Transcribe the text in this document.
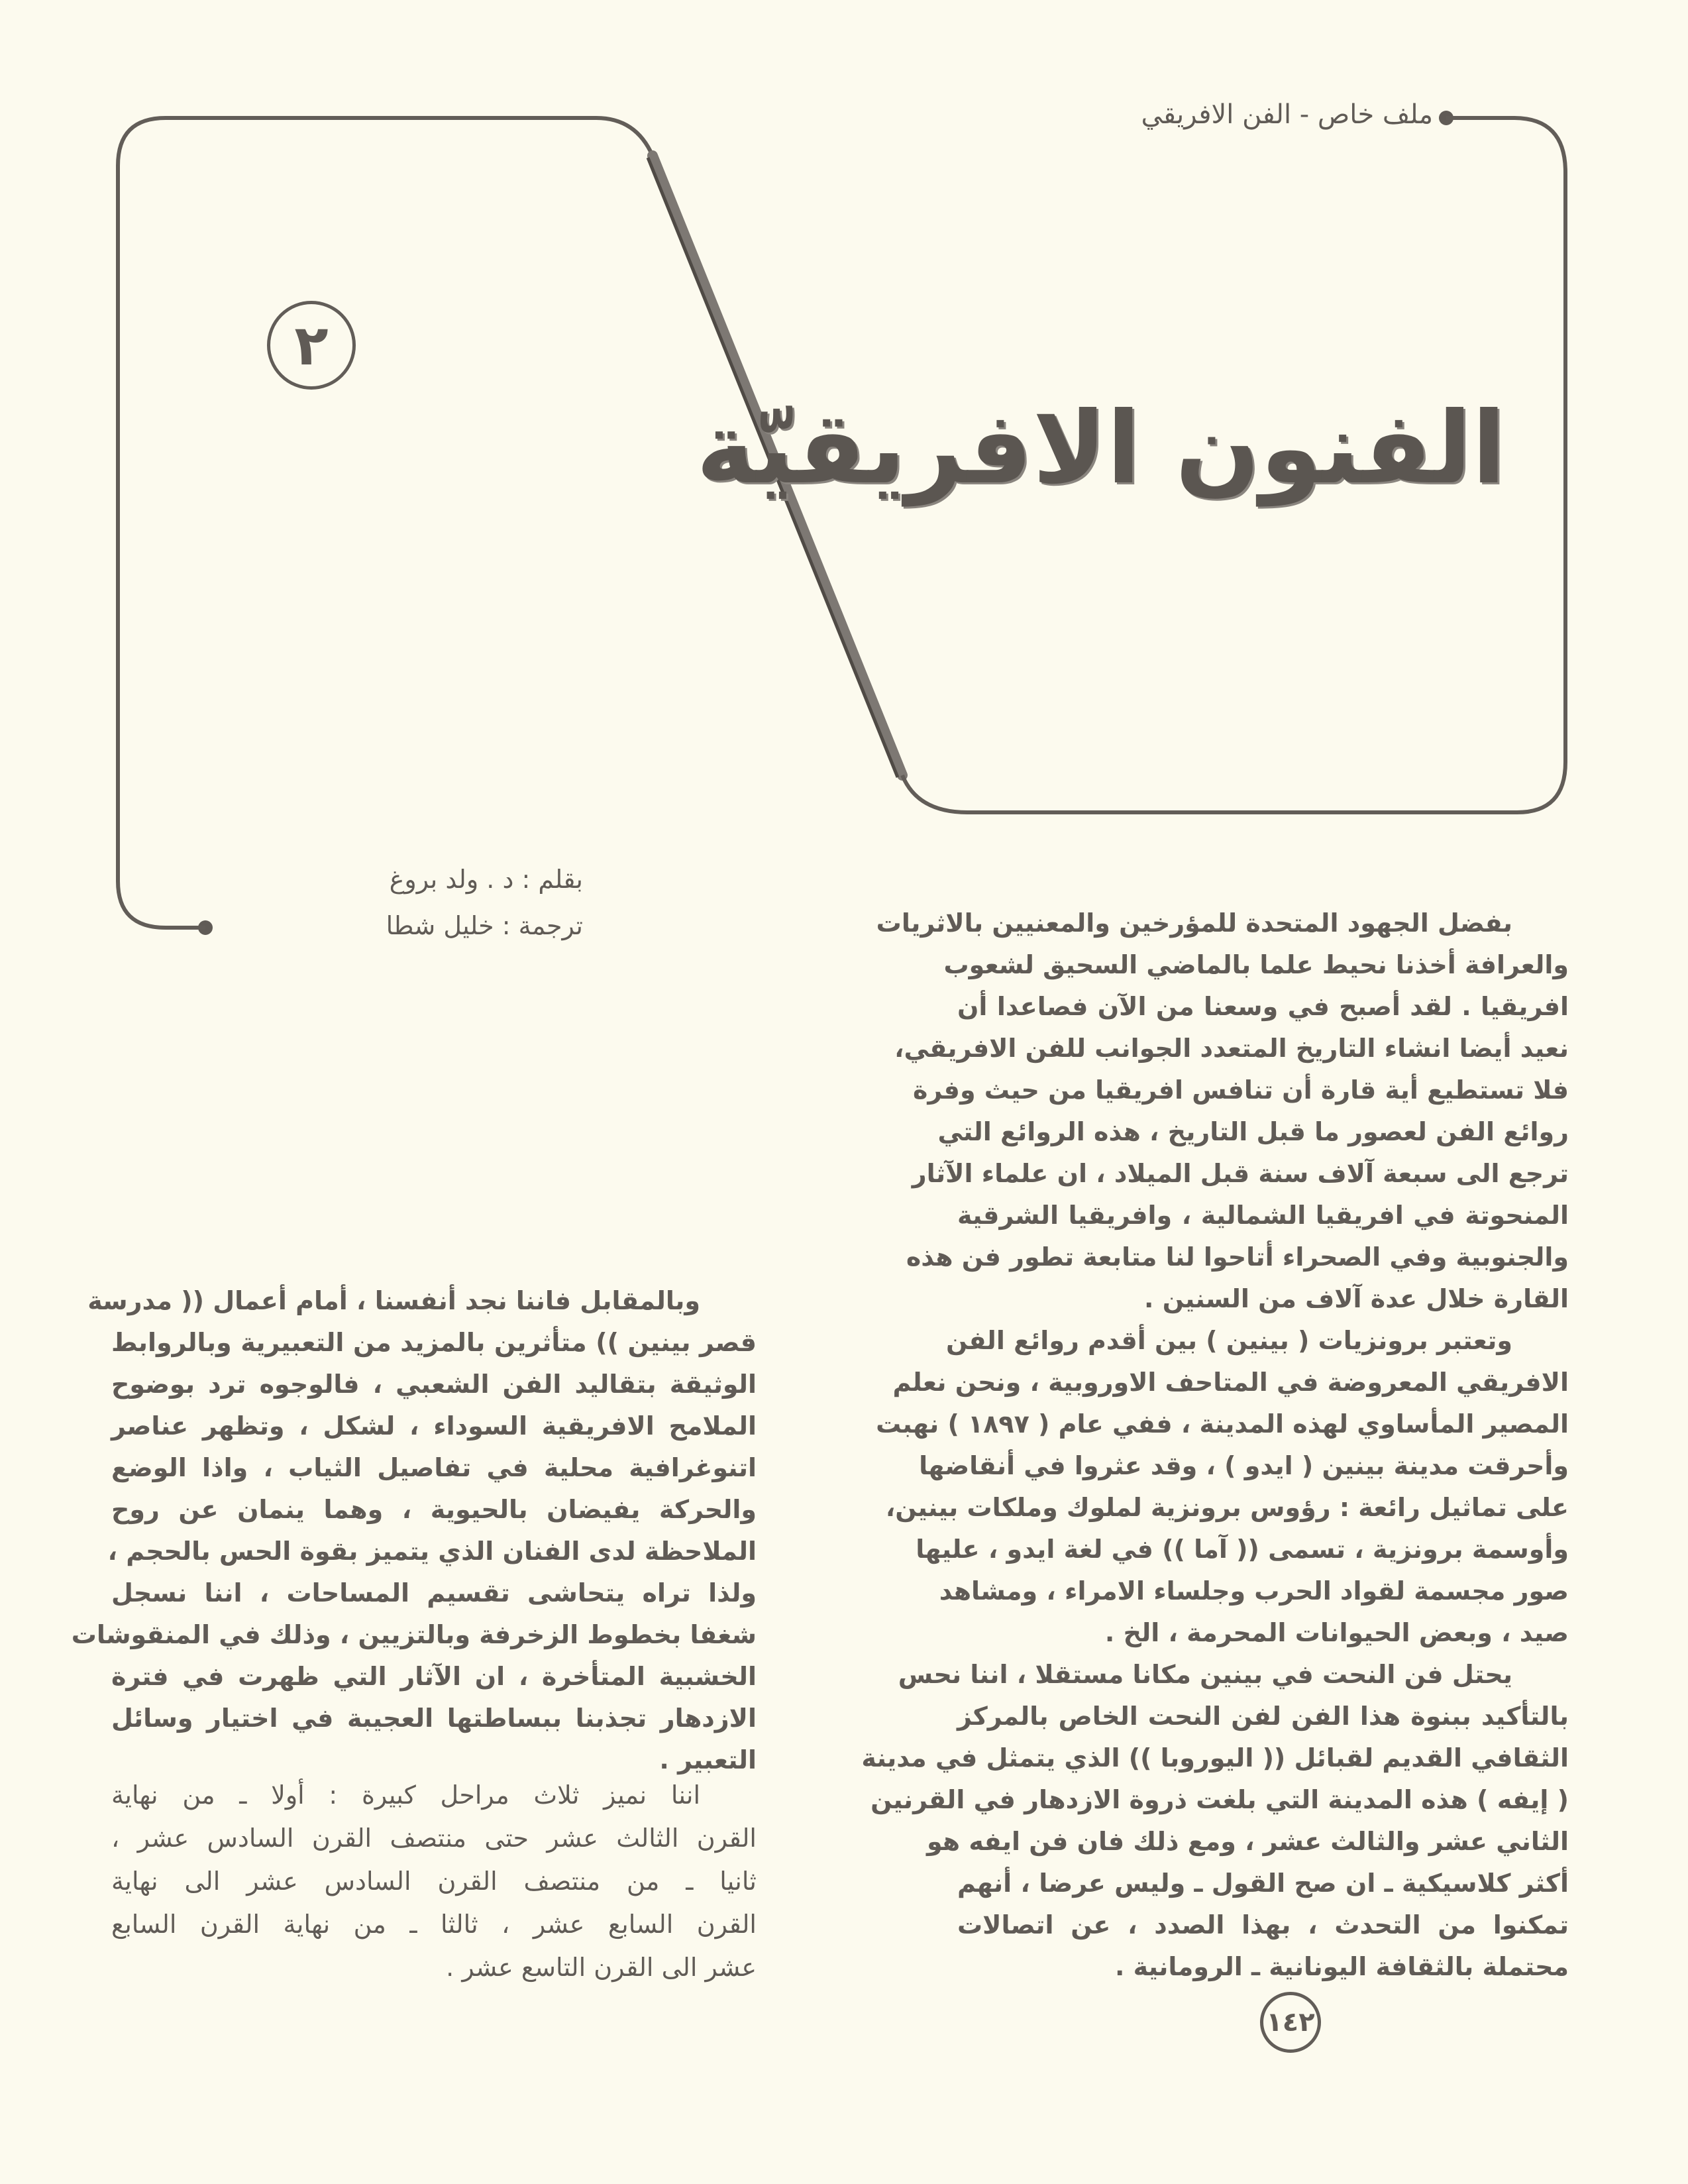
ملف خاص - الفن الافريقي
٢
الفنون الافريقيّة
بقلم : د . ولد بروغ
ترجمة : خليل شطا	بفضل الجهود المتحدة للمؤرخين والمعنيين بالاثريات
والعرافة أخذنا نحيط علما بالماضي السحيق لشعوب
افريقيا . لقد أصبح في وسعنا من الآن فصاعدا أن
نعيد أيضا انشاء التاريخ المتعدد الجوانب للفن الافريقي،
فلا تستطيع أية قارة أن تنافس افريقيا من حيث وفرة
روائع الفن لعصور ما قبل التاريخ ، هذه الروائع التي
ترجع الى سبعة آلاف سنة قبل الميلاد ، ان علماء الآثار
المنحوتة في افريقيا الشمالية ، وافريقيا الشرقية
والجنوبية وفي الصحراء أتاحوا لنا متابعة تطور فن هذه
القارة خلال عدة آلاف من السنين .
وتعتبر برونزيات ( بينين ) بين أقدم روائع الفن
الافريقي المعروضة في المتاحف الاوروبية ، ونحن نعلم
المصير المأساوي لهذه المدينة ، ففي عام ( ١٨٩٧ ) نهبت
وأحرقت مدينة بينين ( ايدو ) ، وقد عثروا في أنقاضها
على تماثيل رائعة : رؤوس برونزية لملوك وملكات بينين،
وأوسمة برونزية ، تسمى (( آما )) في لغة ايدو ، عليها
صور مجسمة لقواد الحرب وجلساء الامراء ، ومشاهد
صيد ، وبعض الحيوانات المحرمة ، الخ .
يحتل فن النحت في بينين مكانا مستقلا ، اننا نحس
بالتأكيد ببنوة هذا الفن لفن النحت الخاص بالمركز
الثقافي القديم لقبائل (( اليوروبا )) الذي يتمثل في مدينة
( إيفه ) هذه المدينة التي بلغت ذروة الازدهار في القرنين
الثاني عشر والثالث عشر ، ومع ذلك فان فن ايفه هو
أكثر كلاسيكية ـ ان صح القول ـ وليس عرضا ، أنهم
تمكنوا من التحدث ، بهذا الصدد ، عن اتصالات
محتملة بالثقافة اليونانية ـ الرومانية .
وبالمقابل فاننا نجد أنفسنا ، أمام أعمال (( مدرسة
قصر بينين )) متأثرين بالمزيد من التعبيرية وبالروابط
الوثيقة بتقاليد الفن الشعبي ، فالوجوه ترد بوضوح
الملامح الافريقية السوداء ، لشكل ، وتظهر عناصر
اتنوغرافية محلية في تفاصيل الثياب ، واذا الوضع
والحركة يفيضان بالحيوية ، وهما ينمان عن روح
الملاحظة لدى الفنان الذي يتميز بقوة الحس بالحجم ،
ولذا تراه يتحاشى تقسيم المساحات ، اننا نسجل
شغفا بخطوط الزخرفة وبالتزيين ، وذلك في المنقوشات
الخشبية المتأخرة ، ان الآثار التي ظهرت في فترة
الازدهار تجذبنا ببساطتها العجيبة في اختيار وسائل
التعبير .
اننا نميز ثلاث مراحل كبيرة : أولا ـ من نهاية
القرن الثالث عشر حتى منتصف القرن السادس عشر ،
ثانيا ـ من منتصف القرن السادس عشر الى نهاية
القرن السابع عشر ، ثالثا ـ من نهاية القرن السابع
عشر الى القرن التاسع عشر .
١٤٢
